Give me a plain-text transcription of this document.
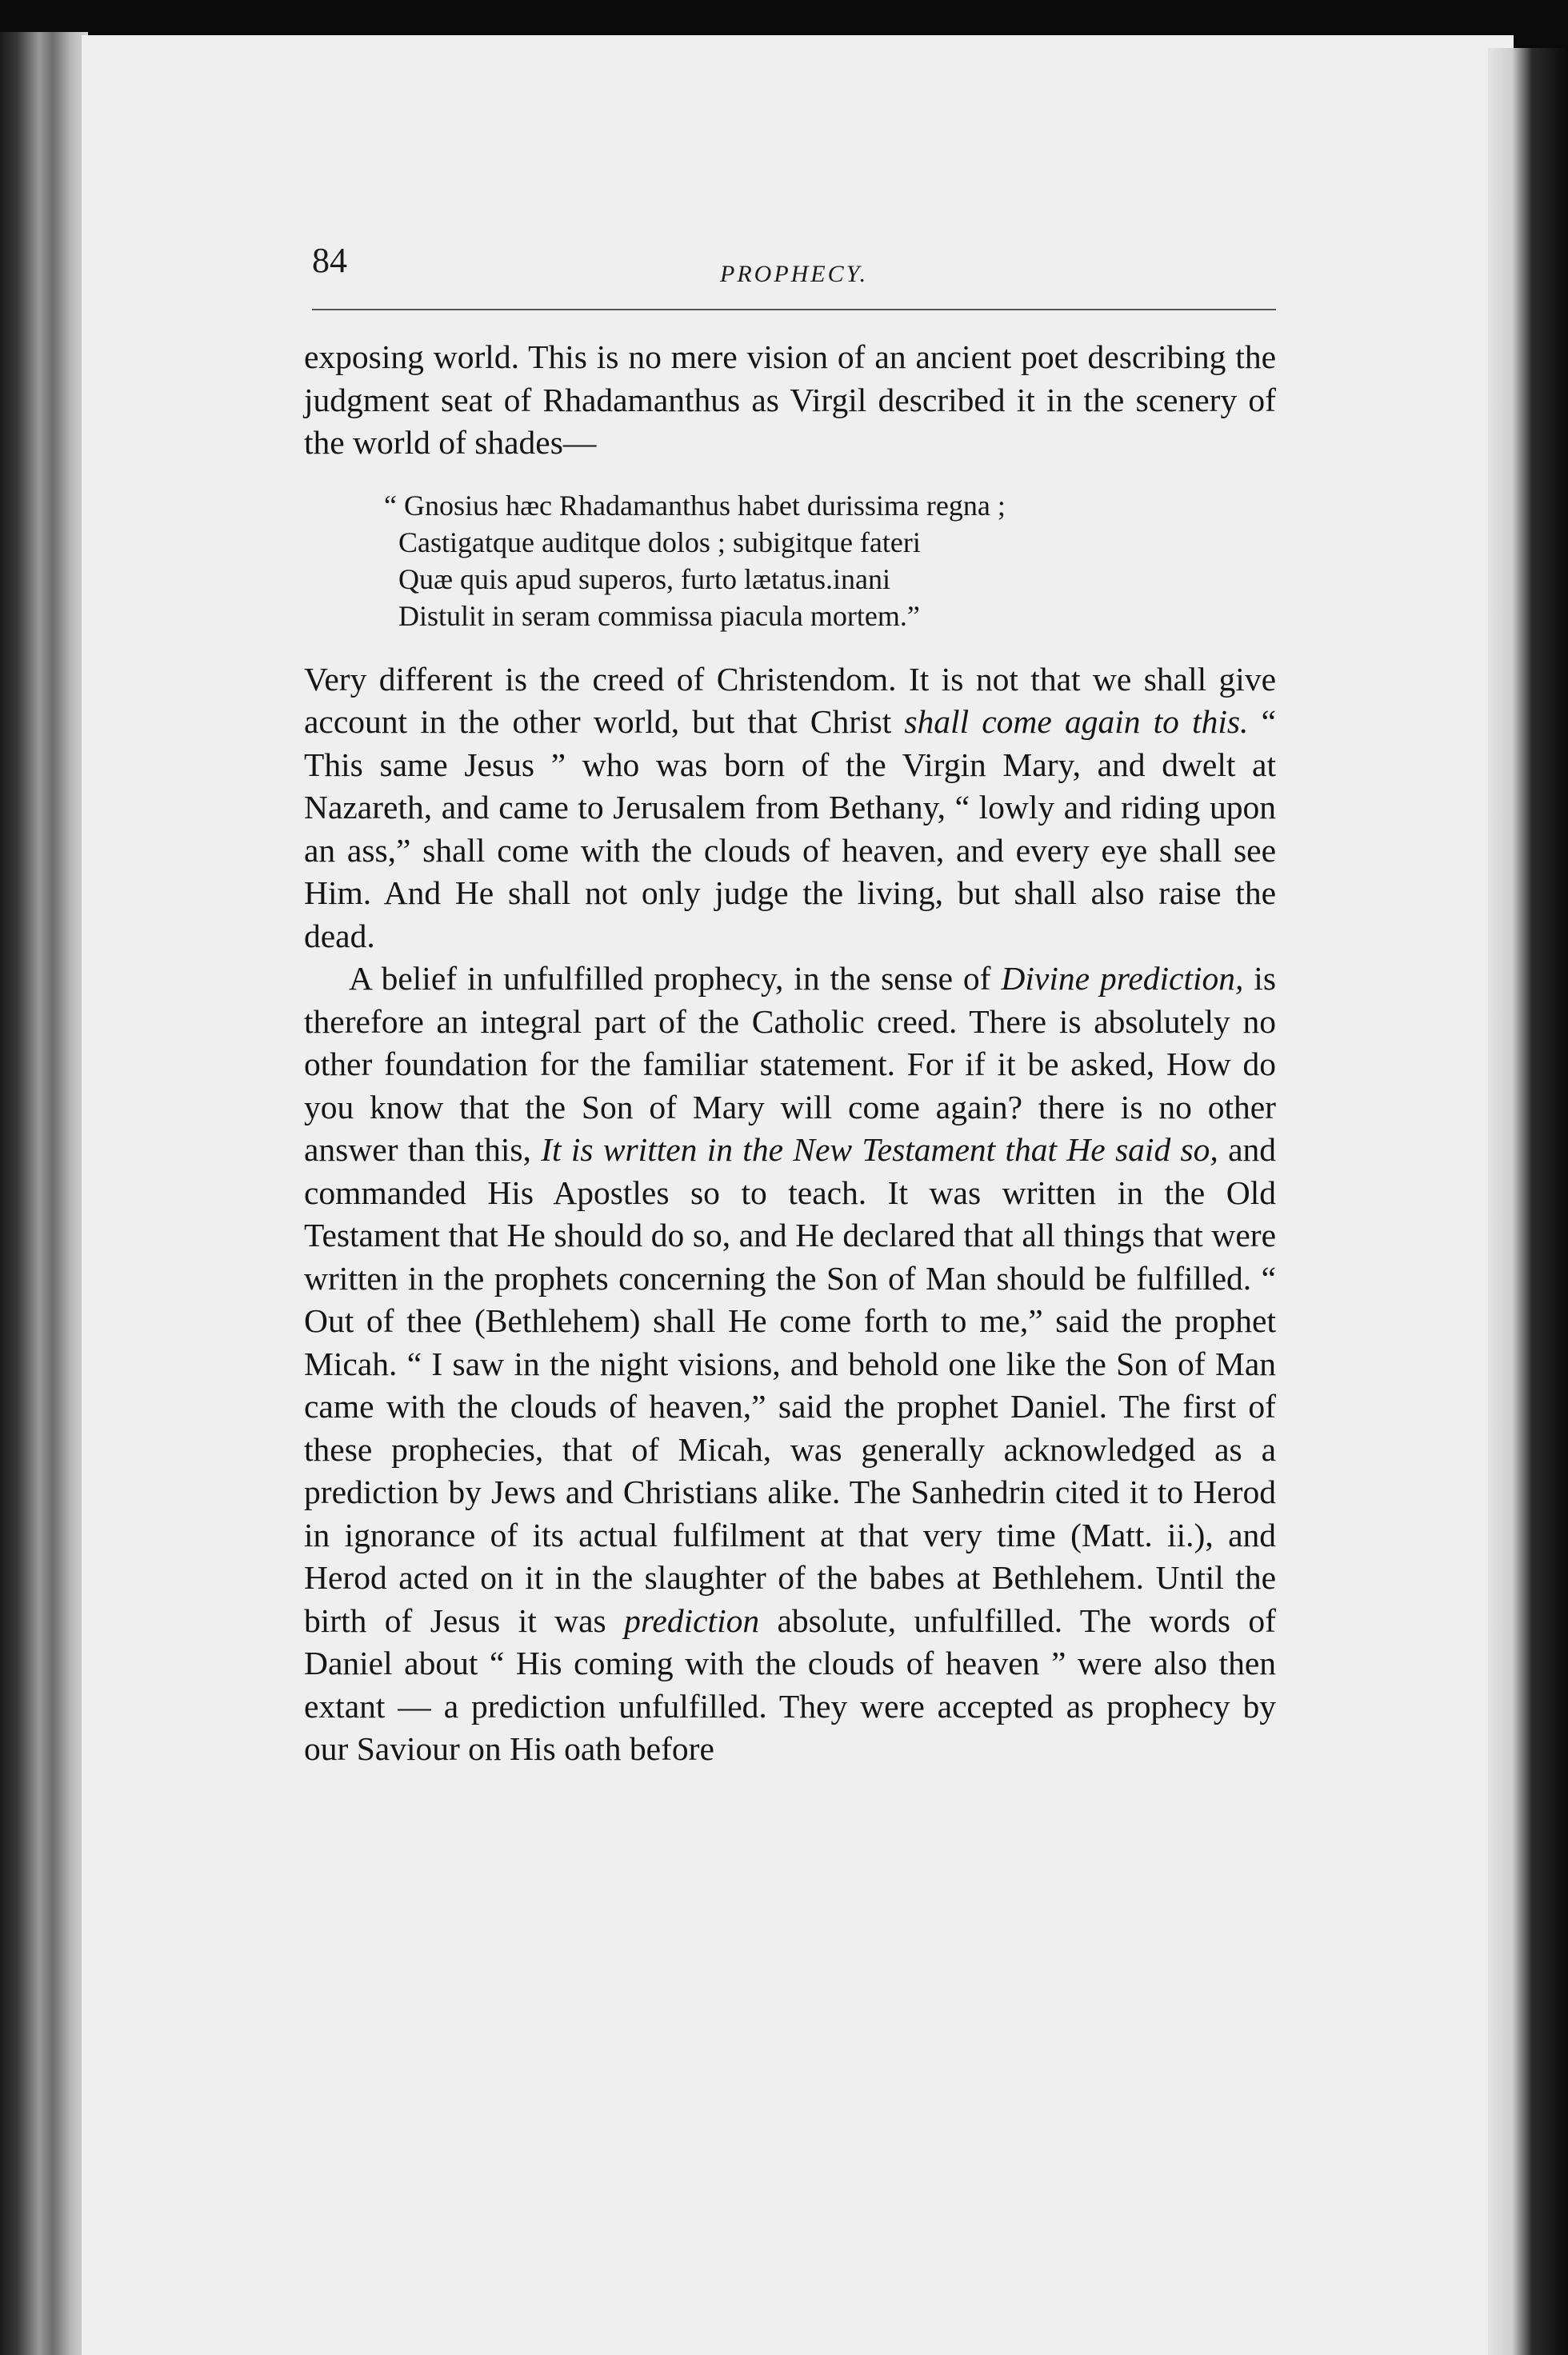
84	PROPHECY.

exposing world. This is no mere vision of an ancient poet describing the judgment seat of Rhadamanthus as Virgil described it in the scenery of the world of shades—

“ Gnosius hæc Rhadamanthus habet durissima regna ;
Castigatque auditque dolos ; subigitque fateri
Quæ quis apud superos, furto lætatus.inani
Distulit in seram commissa piacula mortem.”

Very different is the creed of Christendom. It is not that we shall give account in the other world, but that Christ shall come again to this. “ This same Jesus ” who was born of the Virgin Mary, and dwelt at Nazareth, and came to Jerusalem from Bethany, “ lowly and riding upon an ass,” shall come with the clouds of heaven, and every eye shall see Him. And He shall not only judge the living, but shall also raise the dead.

A belief in unfulfilled prophecy, in the sense of Divine prediction, is therefore an integral part of the Catholic creed. There is absolutely no other foundation for the familiar statement. For if it be asked, How do you know that the Son of Mary will come again? there is no other answer than this, It is written in the New Testament that He said so, and commanded His Apostles so to teach. It was written in the Old Testament that He should do so, and He declared that all things that were written in the prophets concerning the Son of Man should be fulfilled. “ Out of thee (Bethlehem) shall He come forth to me,” said the prophet Micah. “ I saw in the night visions, and behold one like the Son of Man came with the clouds of heaven,” said the prophet Daniel. The first of these prophecies, that of Micah, was generally acknowledged as a prediction by Jews and Christians alike. The Sanhedrin cited it to Herod in ignorance of its actual fulfilment at that very time (Matt. ii.), and Herod acted on it in the slaughter of the babes at Bethlehem. Until the birth of Jesus it was prediction absolute, unfulfilled. The words of Daniel about “ His coming with the clouds of heaven ” were also then extant — a prediction unfulfilled. They were accepted as prophecy by our Saviour on His oath before
